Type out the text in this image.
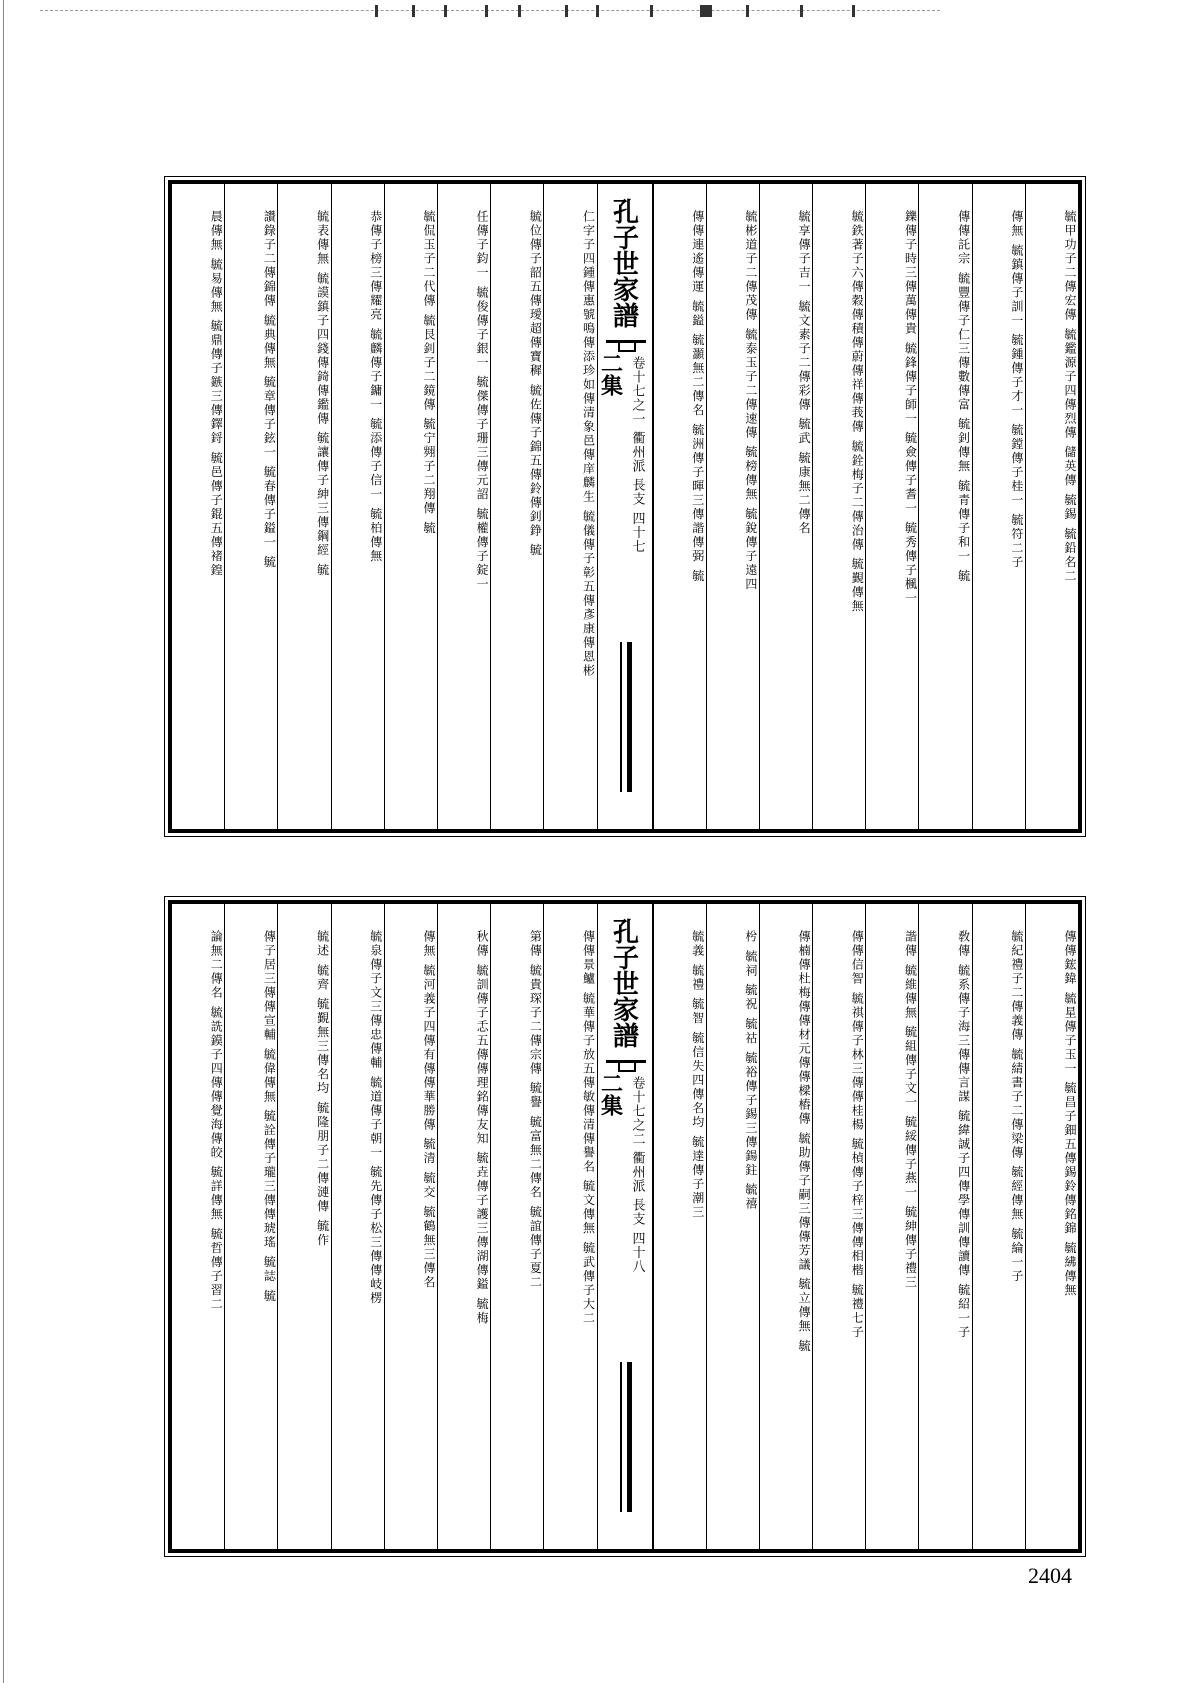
毓甲功子二傳宏傳 毓鑑源子四傳烈傳 儲英傳 毓錫 毓鉛名二
傳無 毓鎮傳子訓一 毓鍾傳子才一 毓鏜傳子桂一 毓符二子
傳傳託宗 毓豐傳子仁三傳數傳富 毓釗傳無 毓青傳子和一 毓
鑠傳子時三傳萬傳貴 毓鋒傳子師一 毓僉傳子耆一 毓秀傳子楓一
毓鉄著子六傳穀傳積傳蔚傳祥傳莪傳 毓銓梅子二傳治傳 毓覲傳無
毓享傳子吉一 毓文素子二傳彩傳 毓武 毓康無二傳名
毓彬道子二傳茂傳 毓泰玉子二傳速傳 毓榜傳無 毓銳傳子遠四
傳傳連遙傳運 毓鎰 毓灝無二傳名 毓洲傳子暉三傳諧傳弼 毓
孔子世家譜
二集 卷十七之一 衢州派 長支 四十七
仁字子四鍾傳惠號鳴傳添珍如傳清象邑傳庠麟生 毓儀傳子彰五傳彥康傳恩彬
毓位傳子韶五傳璦超傳寶穉 毓佐傳子錦五傳鈴傳釗錚 毓
任傳子鈞一 毓俊傳子銀一 毓傑傳子珊三傳元詔 毓權傳子錠一
毓侃玉子二代傳 毓艮釗子二鏡傳 毓宁翙子二翔傳 毓
恭傳子榜三傳耀亮 毓麟傳子鏞一 毓添傳子信一 毓柏傳無
毓表傳無 毓謨鎮子四錢傳錡傳鑑傳 毓讓傳子紳三傳鋼經 毓
讚錄子二傳錦傳 毓典傳無 毓章傳子鉉一 毓春傳子鎰一 毓
晨傳無 毓易傳無 毓鼎傳子鏃三傳鐸鋝 毓邑傳子錕五傳褚鍠
傳傳鋐鍏 毓星傳子玉一 毓昌子鈿五傳錫鈴傳銘錦 毓紼傳無
毓紀禮子二傳義傳 毓綪書子二傳梁傳 毓經傳無 毓綸一子
敎傳 毓系傳子海三傳傳言謀 毓緯誠子四傳學傳訓傳讀傳 毓紹一子
諧傳 毓維傳無 毓組傳子文一 毓綏傳子燕一 毓紳傳子禮三
傳傳信智 毓祺傳子林三傳傳桂楊 毓楨傳子梓三傳傳相楷 毓禮七子
傳楠傳杜梅傳傳材元傳傳樑樁傳 毓助傳子嗣三傳傳芳議 毓立傳無 毓
枍 毓祠 毓祝 毓祜 毓裕傳子錫三傳鍚鉒 毓禧
毓義 毓禮 毓智 毓信失四傳名均 毓達傳子潮三
孔子世家譜
二集 卷十七之二 衢州派 長支 四十八
傳傳景鱸 毓華傳子放五傳敏傳清傳譽名 毓文傳無 毓武傳子大二
第傳 毓貴琛子二傳宗傳 毓譽 毓富無二傳名 毓誼傳子夏二
秋傳 毓訓傳子忎五傳傳理銘傳友知 毓垚傳子護三傳湖傳鎰 毓梅
傳無 毓河義子四傳有傳傳華勝傳 毓清 毓交 毓鶴無三傳名
毓泉傳子文三傳忠傳輔 毓道傳子朝一 毓先傳子松三傳傳岐楞
毓述 毓齊 毓覲無三傳名均 毓隆朋子二傳漣傳 毓作
傳子居三傳傳宣輔 毓偉傳無 毓詮傳子瓏三傳傳琥瑤 毓誌 毓
論無二傳名 毓詵鏌子四傳傳覺海傳皎 毓詳傳無 毓哲傳子習二
2404
